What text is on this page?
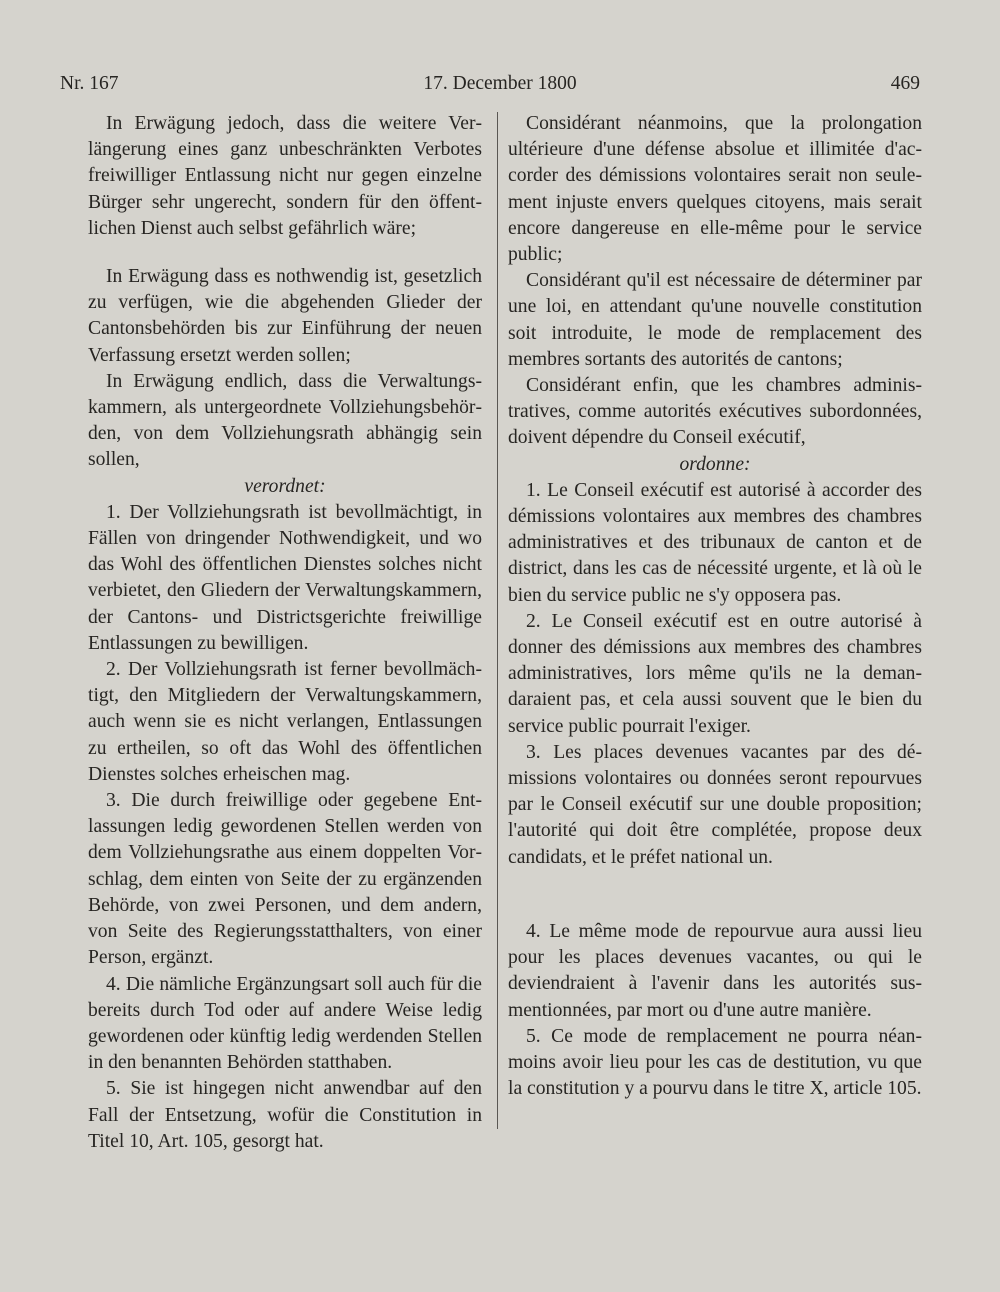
Nr. 167	17. December 1800	469

In Erwägung jedoch, dass die weitere Verlängerung eines ganz unbeschränkten Verbotes freiwilliger Entlassung nicht nur gegen einzelne Bürger sehr ungerecht, sondern für den öffentlichen Dienst auch selbst gefährlich wäre;

In Erwägung dass es nothwendig ist, gesetzlich zu verfügen, wie die abgehenden Glieder der Cantonsbehörden bis zur Einführung der neuen Verfassung ersetzt werden sollen;

In Erwägung endlich, dass die Verwaltungskammern, als untergeordnete Vollziehungsbehörden, von dem Vollziehungsrath abhängig sein sollen,

verordnet:

1. Der Vollziehungsrath ist bevollmächtigt, in Fällen von dringender Nothwendigkeit, und wo das Wohl des öffentlichen Dienstes solches nicht verbietet, den Gliedern der Verwaltungskammern, der Cantons- und Districtsgerichte freiwillige Entlassungen zu bewilligen.

2. Der Vollziehungsrath ist ferner bevollmächtigt, den Mitgliedern der Verwaltungskammern, auch wenn sie es nicht verlangen, Entlassungen zu ertheilen, so oft das Wohl des öffentlichen Dienstes solches erheischen mag.

3. Die durch freiwillige oder gegebene Entlassungen ledig gewordenen Stellen werden von dem Vollziehungsrathe aus einem doppelten Vorschlag, dem einten von Seite der zu ergänzenden Behörde, von zwei Personen, und dem andern, von Seite des Regierungsstatthalters, von einer Person, ergänzt.

4. Die nämliche Ergänzungsart soll auch für die bereits durch Tod oder auf andere Weise ledig gewordenen oder künftig ledig werdenden Stellen in den benannten Behörden statthaben.

5. Sie ist hingegen nicht anwendbar auf den Fall der Entsetzung, wofür die Constitution in Titel 10, Art. 105, gesorgt hat.

Considérant néanmoins, que la prolongation ultérieure d'une défense absolue et illimitée d'accorder des démissions volontaires serait non seulement injuste envers quelques citoyens, mais serait encore dangereuse en elle-même pour le service public;

Considérant qu'il est nécessaire de déterminer par une loi, en attendant qu'une nouvelle constitution soit introduite, le mode de remplacement des membres sortants des autorités de cantons;

Considérant enfin, que les chambres administratives, comme autorités exécutives subordonnées, doivent dépendre du Conseil exécutif,

ordonne:

1. Le Conseil exécutif est autorisé à accorder des démissions volontaires aux membres des chambres administratives et des tribunaux de canton et de district, dans les cas de nécessité urgente, et là où le bien du service public ne s'y opposera pas.

2. Le Conseil exécutif est en outre autorisé à donner des démissions aux membres des chambres administratives, lors même qu'ils ne la demandaraient pas, et cela aussi souvent que le bien du service public pourrait l'exiger.

3. Les places devenues vacantes par des démissions volontaires ou données seront repourvues par le Conseil exécutif sur une double proposition; l'autorité qui doit être complétée, propose deux candidats, et le préfet national un.

4. Le même mode de repourvue aura aussi lieu pour les places devenues vacantes, ou qui le deviendraient à l'avenir dans les autorités susmentionnées, par mort ou d'une autre manière.

5. Ce mode de remplacement ne pourra néanmoins avoir lieu pour les cas de destitution, vu que la constitution y a pourvu dans le titre X, article 105.
